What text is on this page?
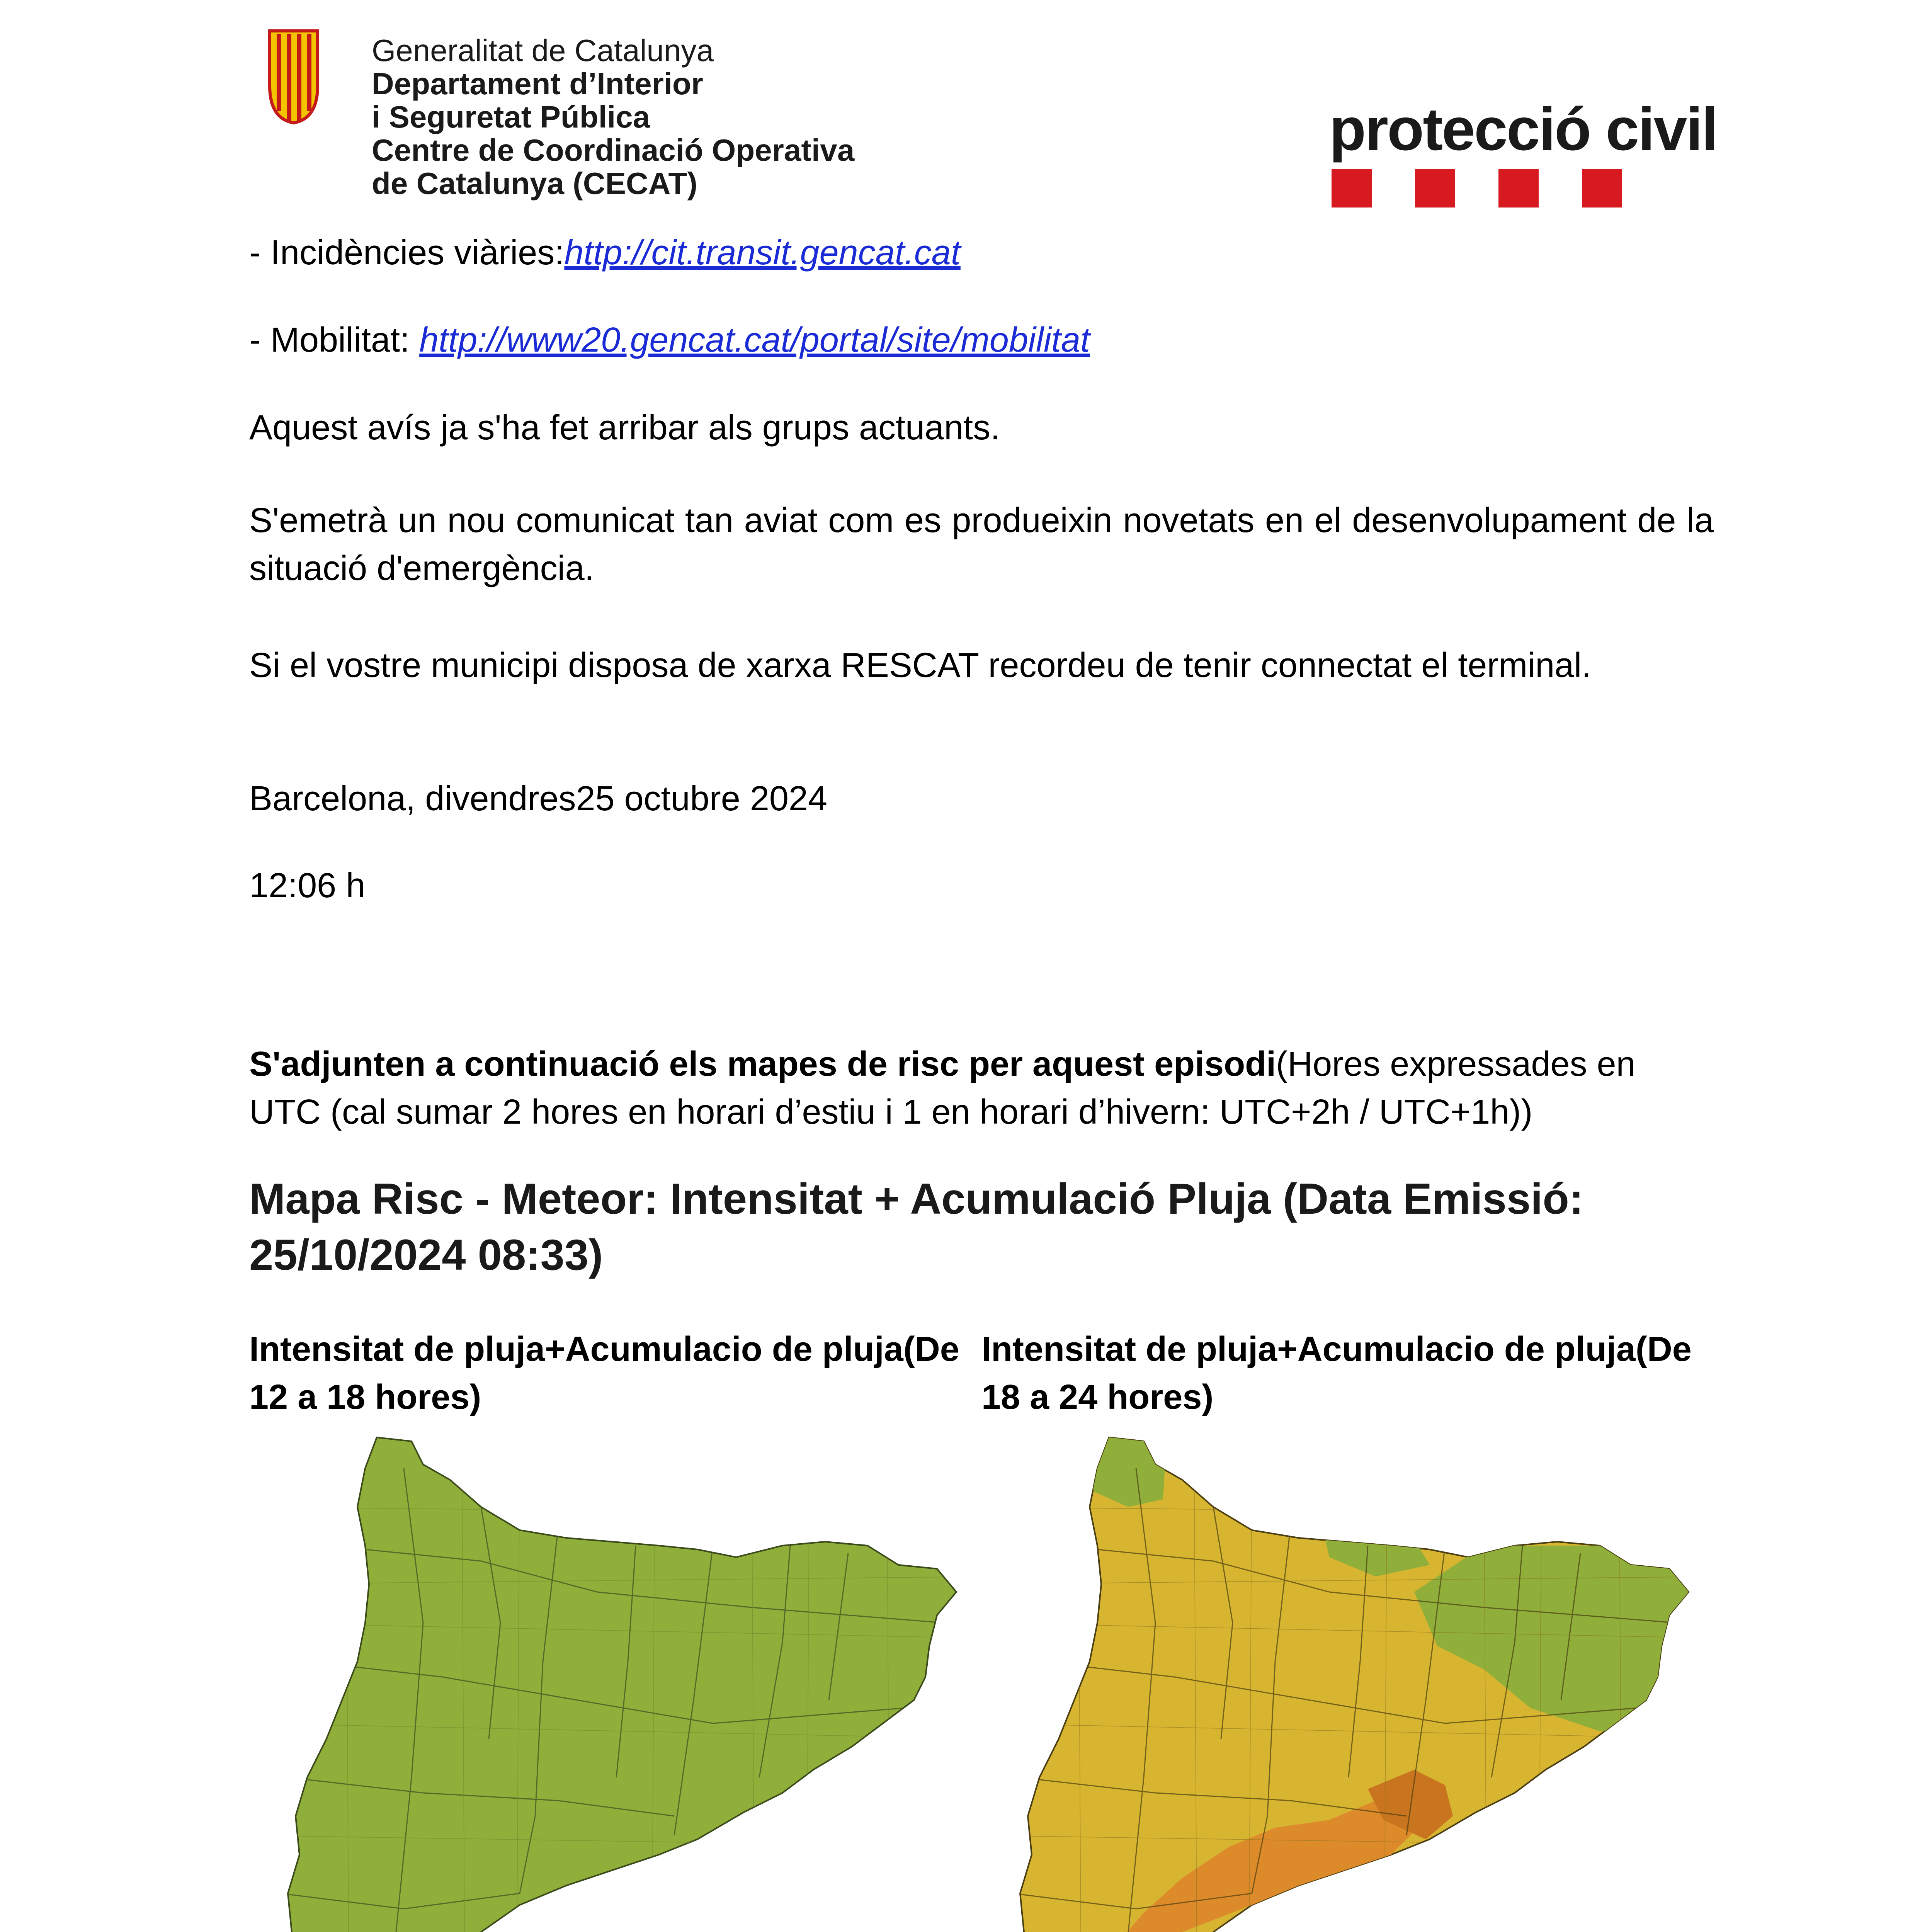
Generalitat de Catalunya
Departament d’Interior
i Seguretat Pública
Centre de Coordinació Operativa
de Catalunya (CECAT)
protecció civil
- Incidències viàries:http://cit.transit.gencat.cat
- Mobilitat: http://www20.gencat.cat/portal/site/mobilitat
Aquest avís ja s'ha fet arribar als grups actuants.
S'emetrà un nou comunicat tan aviat com es produeixin novetats en el desenvolupament de la situació d'emergència.
Si el vostre municipi disposa de xarxa RESCAT recordeu de tenir connectat el terminal.
Barcelona, divendres25 octubre 2024
12:06 h
S'adjunten a continuació els mapes de risc per aquest episodi(Hores expressades en UTC (cal sumar 2 hores en horari d’estiu i 1 en horari d’hivern: UTC+2h / UTC+1h))
Mapa Risc - Meteor: Intensitat + Acumulació Pluja (Data Emissió: 25/10/2024 08:33)
Intensitat de pluja+Acumulacio de pluja(De 12 a 18 hores)
Intensitat de pluja+Acumulacio de pluja(De 18 a 24 hores)
